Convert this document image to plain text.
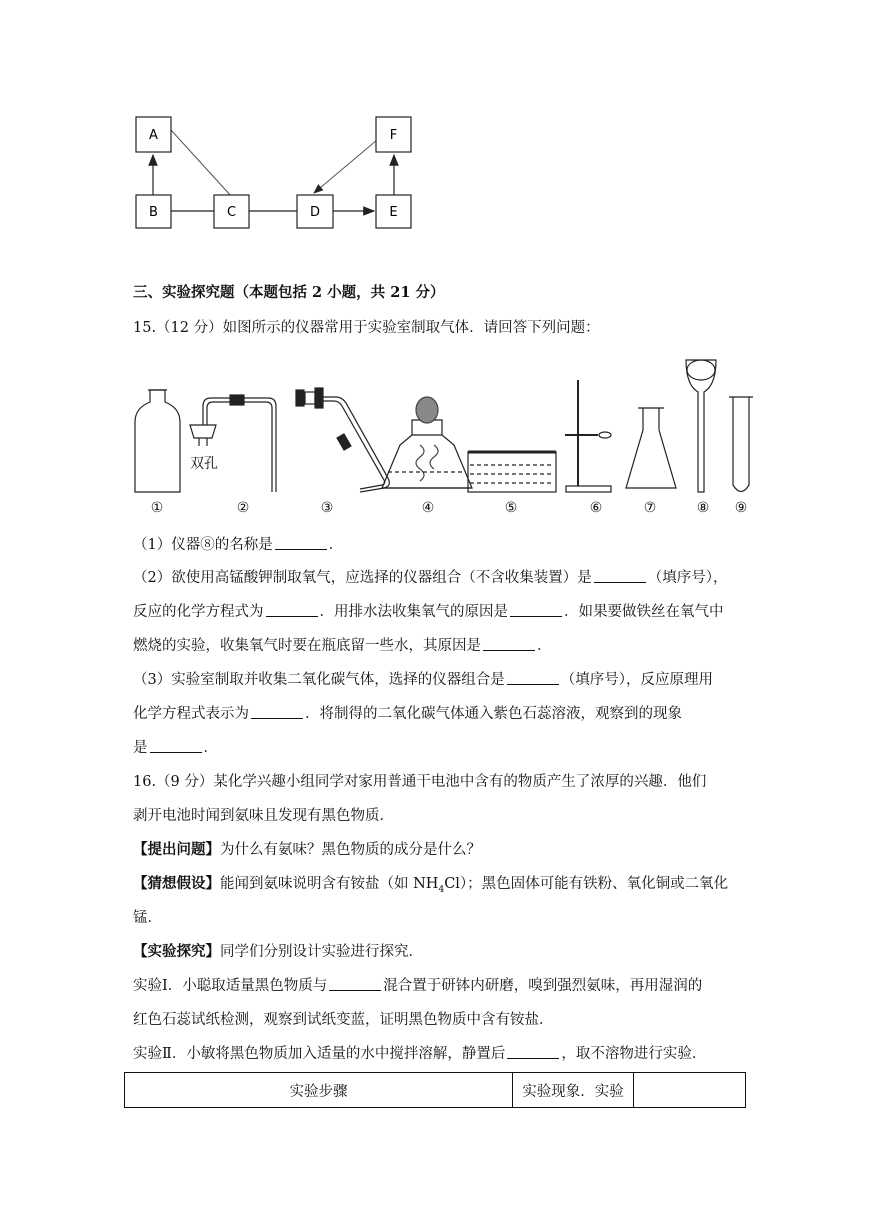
A
B	C	D	E
F
三、实验探究题（本题包括 2 小题，共 21 分）
15.（12 分）如图所示的仪器常用于实验室制取气体．请回答下列问题：
双孔
①	②	③	④	⑤	⑥	⑦	⑧ ⑨
（1）仪器⑧的名称是	．
（2）欲使用高锰酸钾制取氧气，应选择的仪器组合（不含收集装置）是	（填序号），
反应的化学方程式为	．用排水法收集氧气的原因是	．如果要做铁丝在氧气中
燃烧的实验，收集氧气时要在瓶底留一些水，其原因是	．
（3）实验室制取并收集二氧化碳气体，选择的仪器组合是	（填序号），反应原理用
化学方程式表示为	．将制得的二氧化碳气体通入紫色石蕊溶液，观察到的现象
是	．
16.（9 分）某化学兴趣小组同学对家用普通干电池中含有的物质产生了浓厚的兴趣．他们
剥开电池时闻到氨味且发现有黑色物质．
【提出问题】为什么有氨味？黑色物质的成分是什么？
【猜想假设】能闻到氨味说明含有铵盐（如 $NH_4Cl$）；黑色固体可能有铁粉、氧化铜或二氧化
锰．
【实验探究】同学们分别设计实验进行探究．
实验Ⅰ．小聪取适量黑色物质与	混合置于研钵内研磨，嗅到强烈氨味，再用湿润的
红色石蕊试纸检测，观察到试纸变蓝，证明黑色物质中含有铵盐．
实验Ⅱ．小敏将黑色物质加入适量的水中搅拌溶解，静置后	，取不溶物进行实验．
实验步骤	实验现象．实验	
